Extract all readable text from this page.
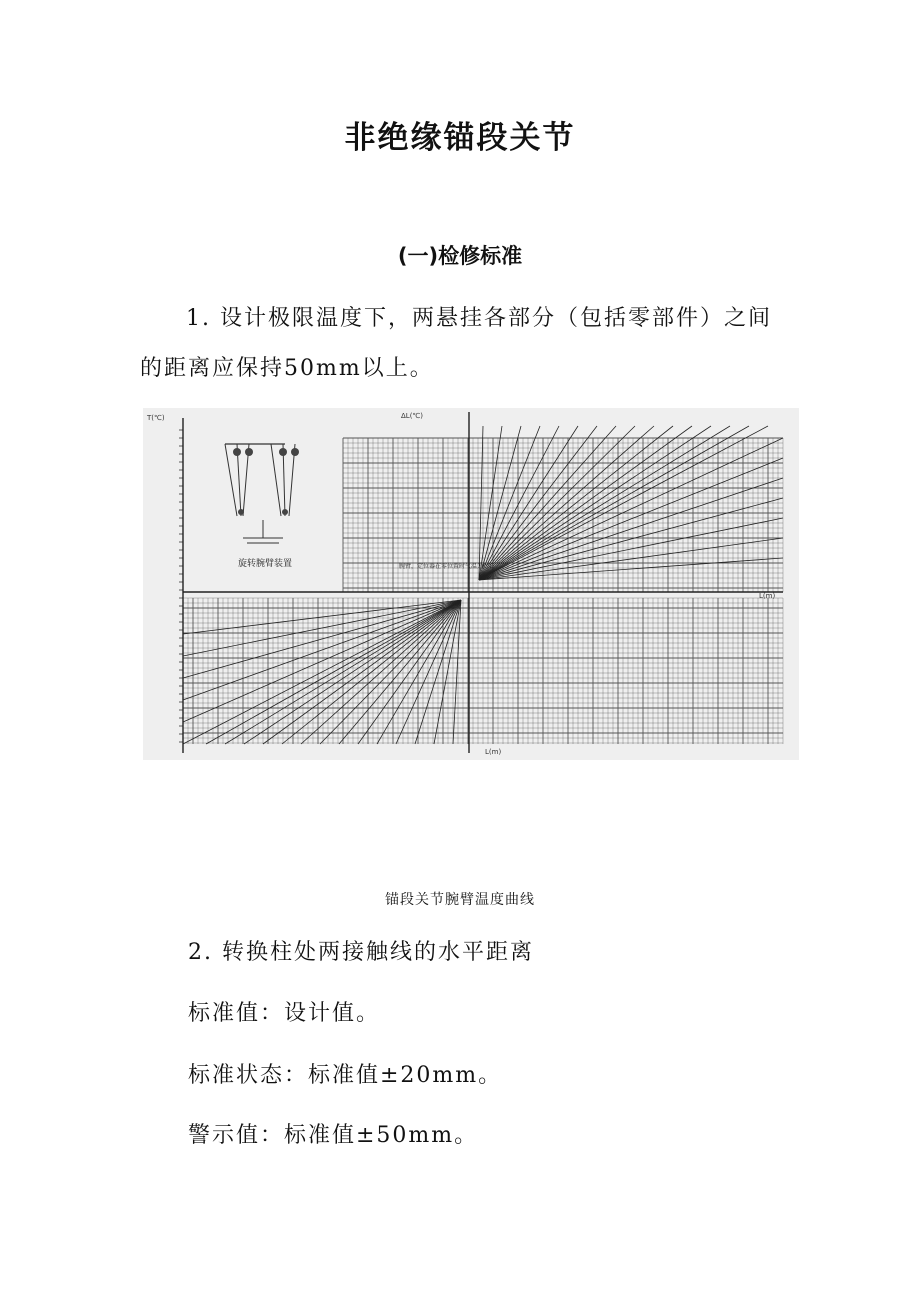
非绝缘锚段关节
(一)检修标准
1. 设计极限温度下，两悬挂各部分（包括零部件）之间的距离应保持50mm以上。
旋转腕臂装置	腕臂，定位器在零位置时气温为0℃
T(℃)	ΔL(℃)
L(m)
L(m)
锚段关节腕臂温度曲线
2. 转换柱处两接触线的水平距离
标准值：设计值。
标准状态：标准值±20mm。
警示值：标准值±50mm。
